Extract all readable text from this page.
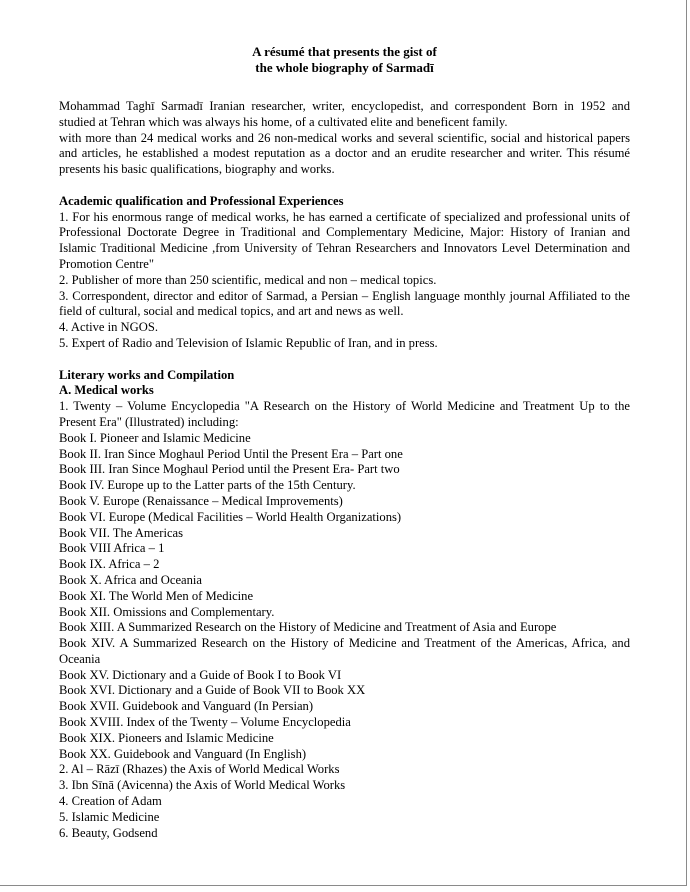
A résumé that presents the gist of
the whole biography of Sarmadī

Mohammad Taghī Sarmadī Iranian researcher, writer, encyclopedist, and correspondent Born in 1952 and studied at Tehran which was always his home, of a cultivated elite and beneficent family.

with more than 24 medical works and 26 non-medical works and several scientific, social and historical papers and articles, he established a modest reputation as a doctor and an erudite researcher and writer. This résumé presents his basic qualifications, biography and works.

Academic qualification and Professional Experiences

1. For his enormous range of medical works, he has earned a certificate of specialized and professional units of Professional Doctorate Degree in Traditional and Complementary Medicine, Major: History of Iranian and Islamic Traditional Medicine ,from University of Tehran Researchers and Innovators Level Determination and Promotion Centre"

2. Publisher of more than 250 scientific, medical and non – medical topics.

3. Correspondent, director and editor of Sarmad, a Persian – English language monthly journal Affiliated to the field of cultural, social and medical topics, and art and news as well.

4. Active in NGOS.

5. Expert of Radio and Television of Islamic Republic of Iran, and in press.

Literary works and Compilation

A. Medical works

1. Twenty – Volume Encyclopedia "A Research on the History of World Medicine and Treatment Up to the Present Era" (Illustrated) including:

Book I. Pioneer and Islamic Medicine

Book II. Iran Since Moghaul Period Until the Present Era – Part one

Book III. Iran Since Moghaul Period until the Present Era- Part two

Book IV. Europe up to the Latter parts of the 15th Century.

Book V. Europe (Renaissance – Medical Improvements)

Book VI. Europe (Medical Facilities – World Health Organizations)

Book VII. The Americas

Book VIII Africa – 1

Book IX. Africa – 2

Book X. Africa and Oceania

Book XI. The World Men of Medicine

Book XII. Omissions and Complementary.

Book XIII. A Summarized Research on the History of Medicine and Treatment of Asia and Europe

Book XIV. A Summarized Research on the History of Medicine and Treatment of the Americas, Africa, and Oceania

Book XV. Dictionary and a Guide of Book I to Book VI

Book XVI. Dictionary and a Guide of Book VII to Book XX

Book XVII. Guidebook and Vanguard (In Persian)

Book XVIII. Index of the Twenty – Volume Encyclopedia

Book XIX. Pioneers and Islamic Medicine

Book XX. Guidebook and Vanguard (In English)

2. Al – Rāzī (Rhazes) the Axis of World Medical Works

3. Ibn Sīnā (Avicenna) the Axis of World Medical Works

4. Creation of Adam

5. Islamic Medicine

6. Beauty, Godsend
